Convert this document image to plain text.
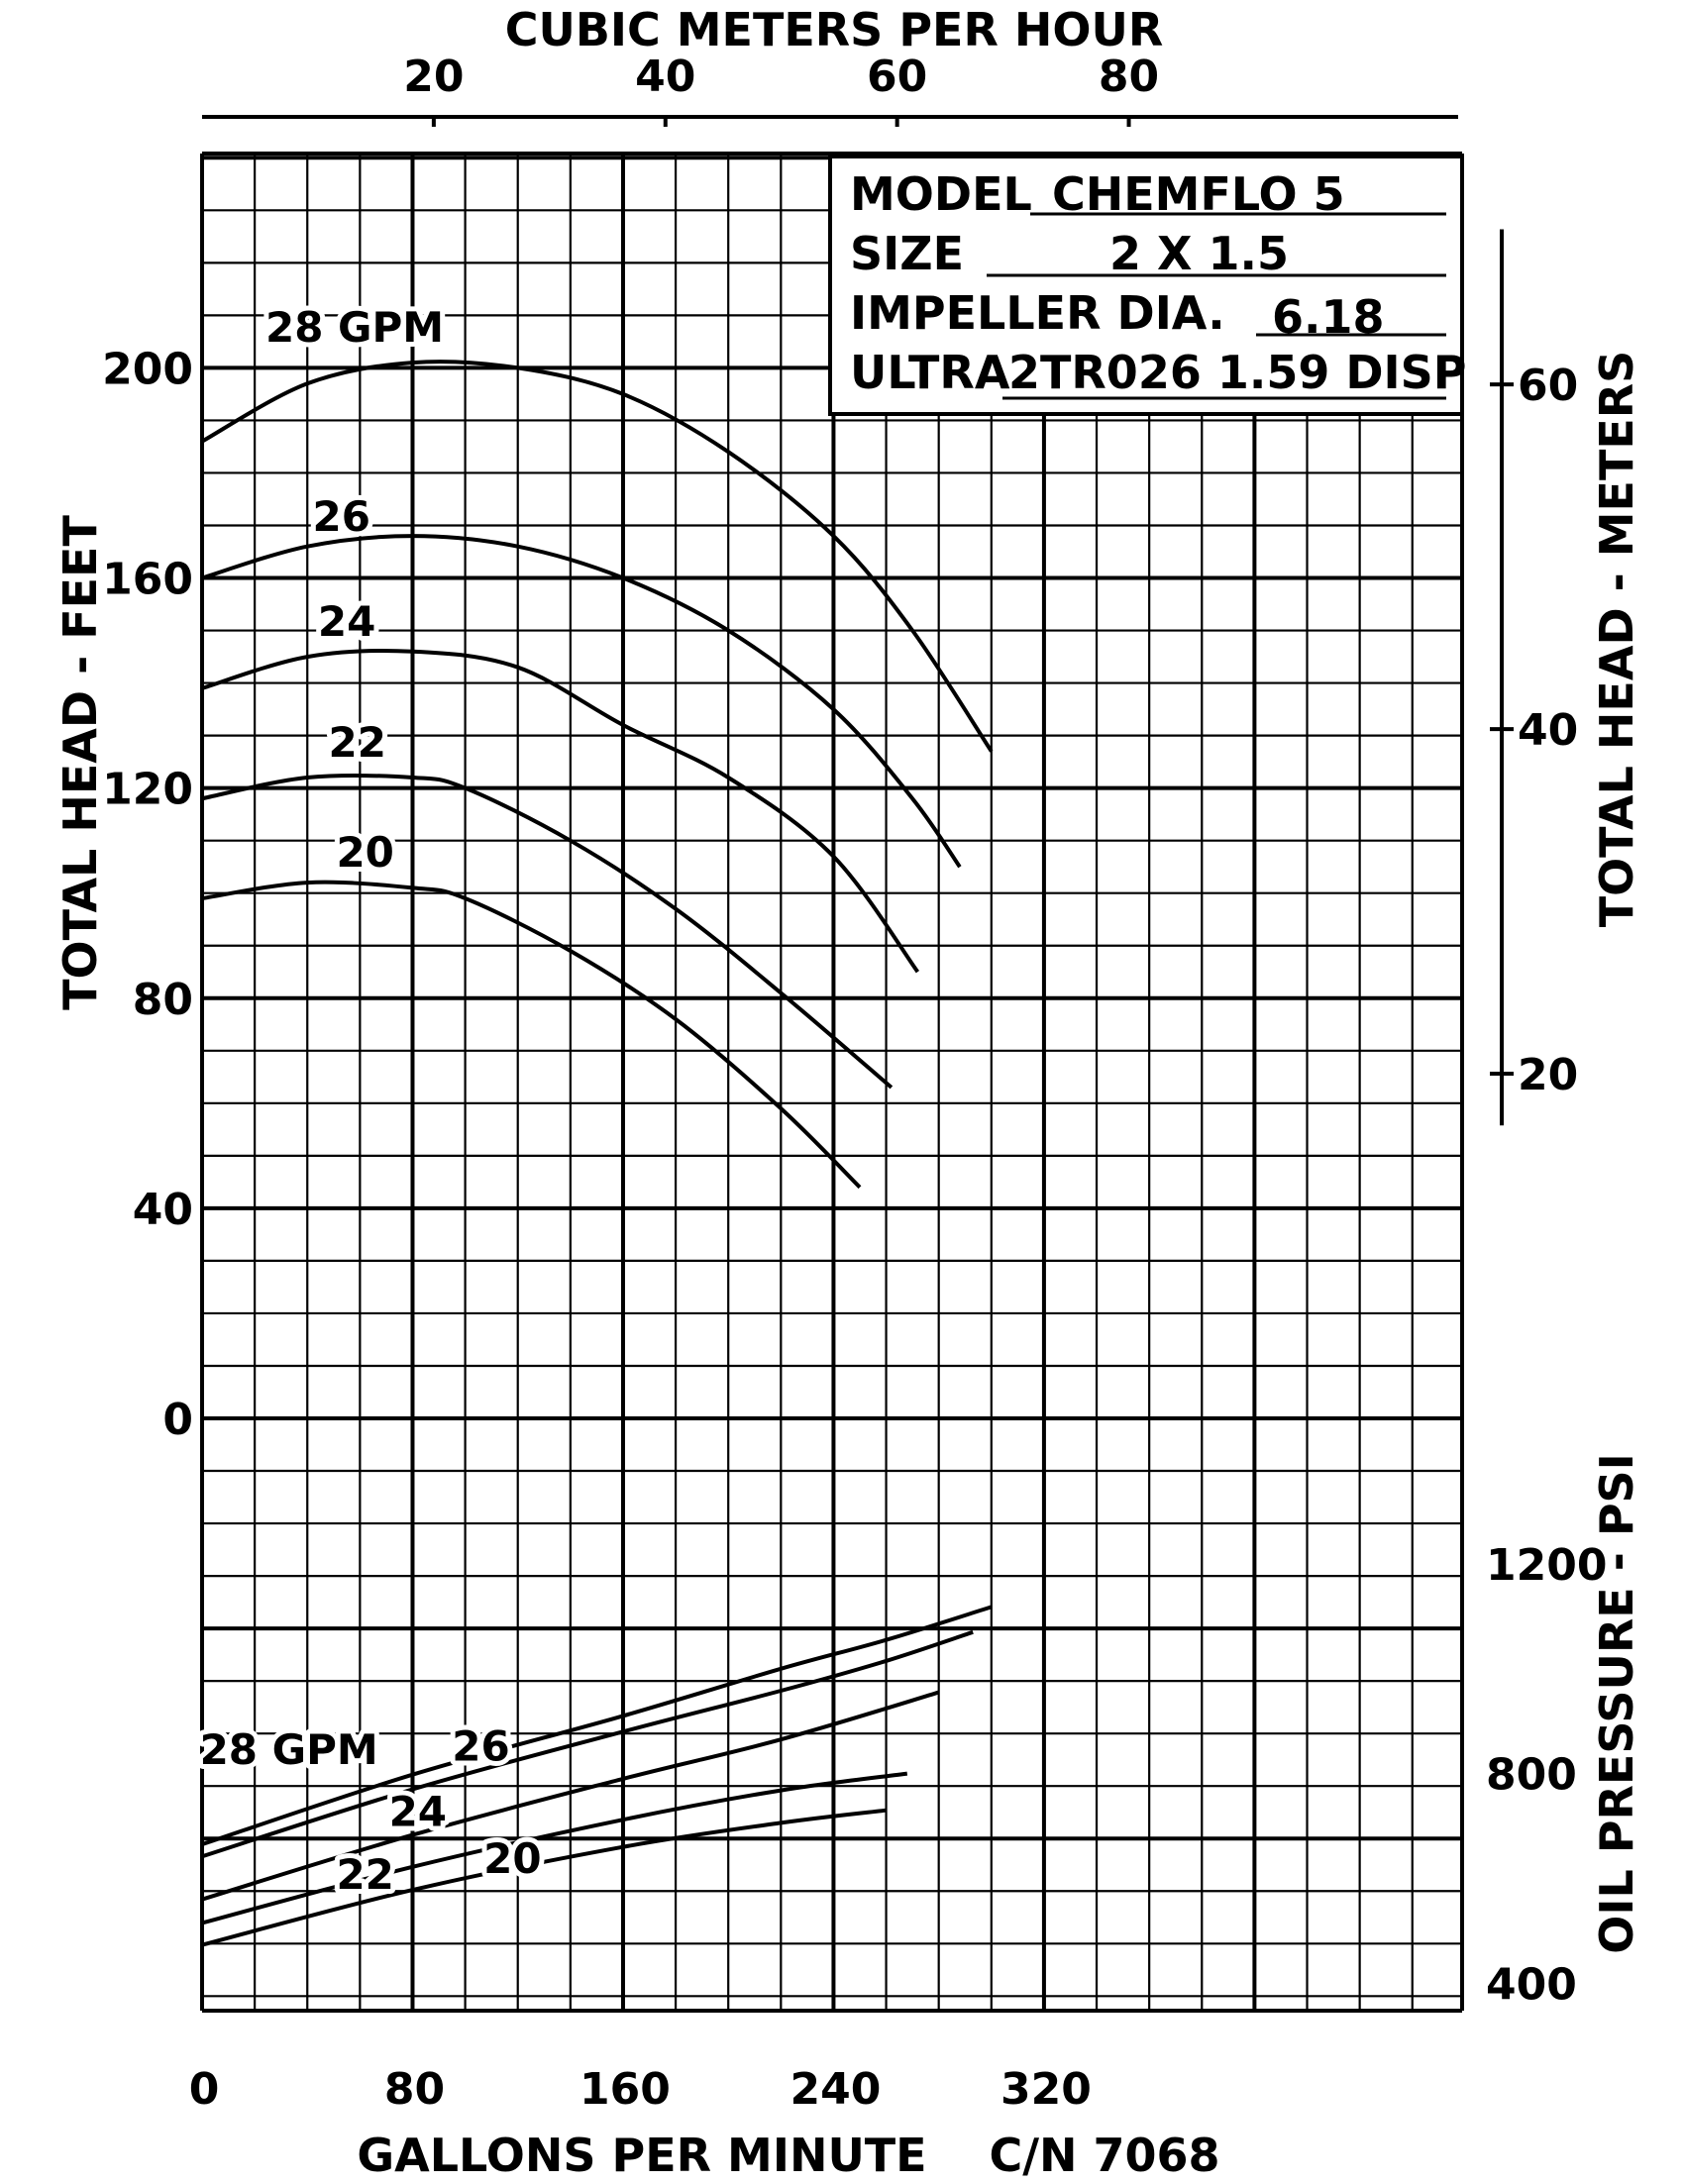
28 GPM
26
24
22
20
28 GPM 26
24
22 20
20	40	60	80
0	80	160	240	320
0
40
80
120
160
200
20
40
60
400
800
1200
MODEL CHEMFLO 5
SIZE	2 X 1.5
IMPELLER DIA. 6.18
ULTRA
2TR026 1.59 DISP
CUBIC METERS PER HOUR
GALLONS PER MINUTE C/N 7068
TOTAL HEAD - FEET	TOTAL HEAD - METERS
OIL PRESSURE - PSI
